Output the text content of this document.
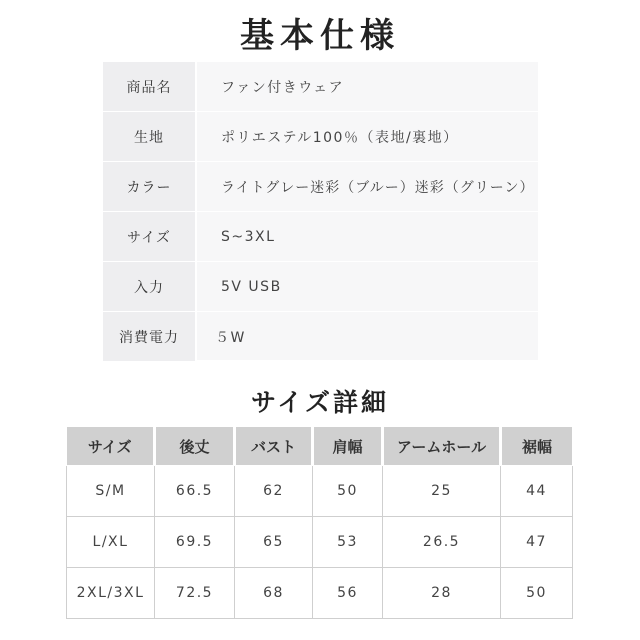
基本仕様
商品名	ファン付きウェア
生地	ポリエステル100％（表地/裏地）
カラー	ライトグレー迷彩（ブルー）迷彩（グリーン）
サイズ	S~3XL
入力	5V USB
消費電力	５W
サイズ詳細
サイズ	後丈	バスト	肩幅	アームホール	裾幅
S/M	66.5	62	50	25	44
L/XL	69.5	65	53	26.5	47
2XL/3XL	72.5	68	56	28	50
